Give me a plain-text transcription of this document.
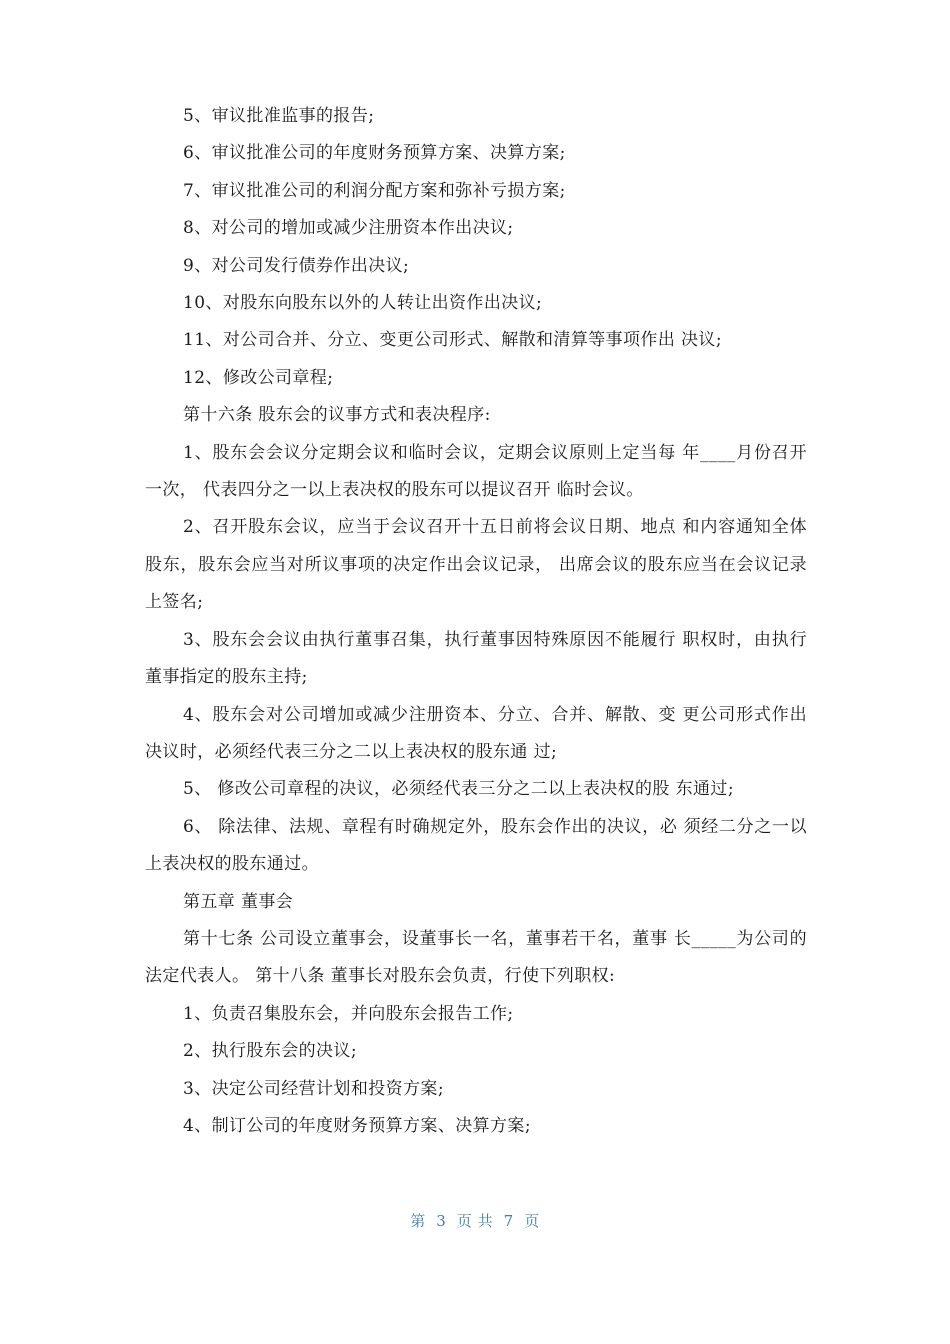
5、审议批准监事的报告;

6、审议批准公司的年度财务预算方案、决算方案;

7、审议批准公司的利润分配方案和弥补亏损方案;

8、对公司的增加或减少注册资本作出决议;

9、对公司发行债券作出决议;

10、对股东向股东以外的人转让出资作出决议;

11、对公司合并、分立、变更公司形式、解散和清算等事项作出 决议;

12、修改公司章程;

第十六条 股东会的议事方式和表决程序:

1、股东会会议分定期会议和临时会议，定期会议原则上定当每 年____月份召开一次， 代表四分之一以上表决权的股东可以提议召开 临时会议。

2、召开股东会议，应当于会议召开十五日前将会议日期、地点 和内容通知全体股东，股东会应当对所议事项的决定作出会议记录， 出席会议的股东应当在会议记录上签名;

3、股东会会议由执行董事召集，执行董事因特殊原因不能履行 职权时，由执行董事指定的股东主持;

4、股东会对公司增加或减少注册资本、分立、合并、解散、变 更公司形式作出决议时，必须经代表三分之二以上表决权的股东通 过;

5、 修改公司章程的决议，必须经代表三分之二以上表决权的股 东通过;

6、 除法律、法规、章程有时确规定外，股东会作出的决议，必 须经二分之一以上表决权的股东通过。

第五章 董事会

第十七条 公司设立董事会，设董事长一名，董事若干名，董事 长_____为公司的法定代表人。 第十八条 董事长对股东会负责，行使下列职权:

1、负责召集股东会，并向股东会报告工作;

2、执行股东会的决议;

3、决定公司经营计划和投资方案;

4、制订公司的年度财务预算方案、决算方案;

第  3  页 共  7  页
